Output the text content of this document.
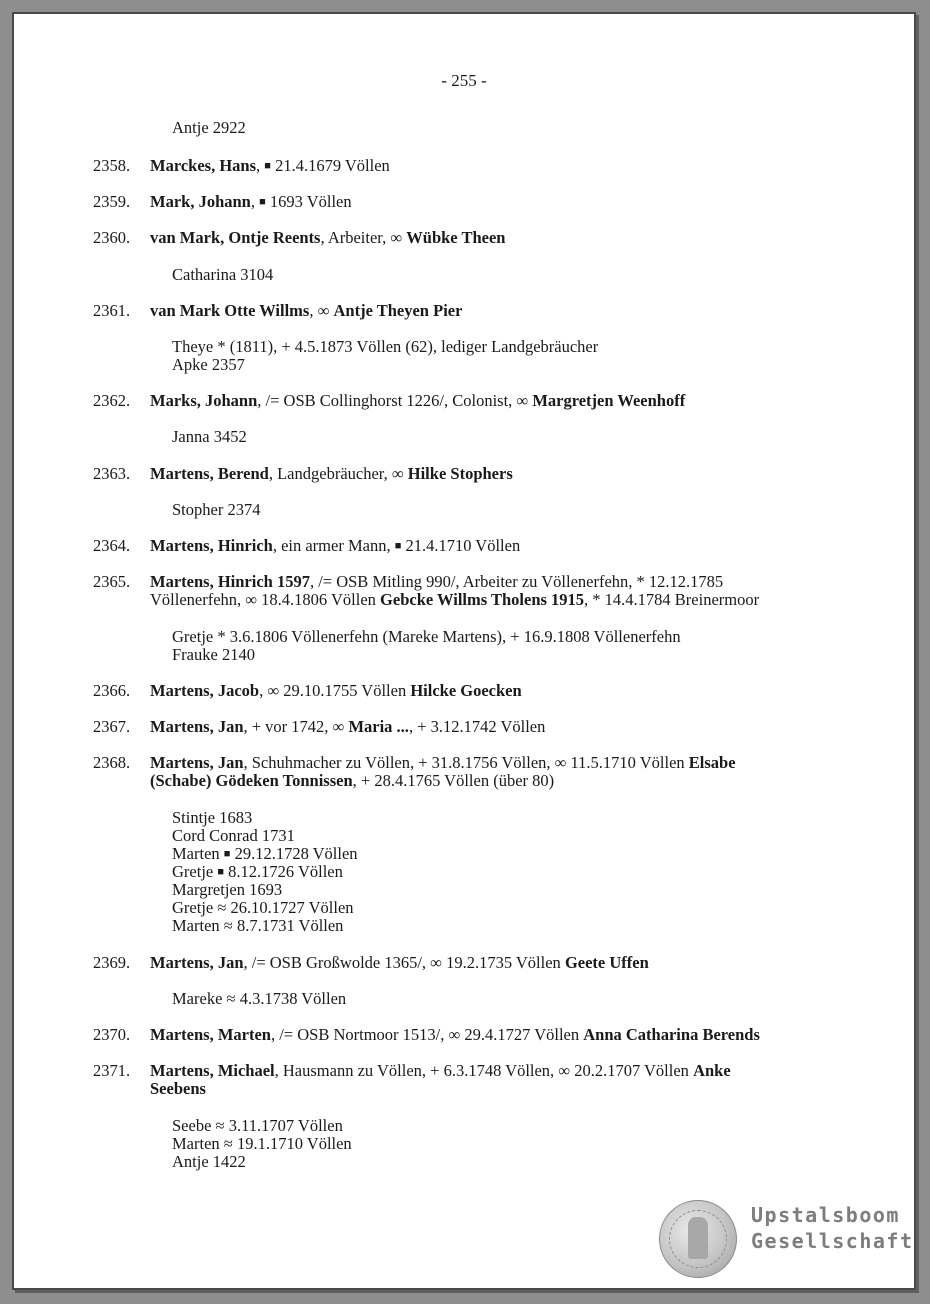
- 255 -
Antje 2922
2358. Marckes, Hans, ■ 21.4.1679 Völlen
2359. Mark, Johann, ■ 1693 Völlen
2360. van Mark, Ontje Reents, Arbeiter, ∞ Wübke Theen
Catharina 3104
2361. van Mark Otte Willms, ∞ Antje Theyen Pier
Theye * (1811), + 4.5.1873 Völlen (62), lediger Landgebräucher
Apke 2357
2362. Marks, Johann, /= OSB Collinghorst 1226/, Colonist, ∞ Margretjen Weenhoff
Janna 3452
2363. Martens, Berend, Landgebräucher, ∞ Hilke Stophers
Stopher 2374
2364. Martens, Hinrich, ein armer Mann, ■ 21.4.1710 Völlen
2365. Martens, Hinrich 1597, /= OSB Mitling 990/, Arbeiter zu Völlenerfehn, * 12.12.1785
Völlenerfehn, ∞ 18.4.1806 Völlen Gebcke Willms Tholens 1915, * 14.4.1784 Breinermoor
Gretje * 3.6.1806 Völlenerfehn (Mareke Martens), + 16.9.1808 Völlenerfehn
Frauke 2140
2366. Martens, Jacob, ∞ 29.10.1755 Völlen Hilcke Goecken
2367. Martens, Jan, + vor 1742, ∞ Maria ..., + 3.12.1742 Völlen
2368. Martens, Jan, Schuhmacher zu Völlen, + 31.8.1756 Völlen, ∞ 11.5.1710 Völlen Elsabe
(Schabe) Gödeken Tonnissen, + 28.4.1765 Völlen (über 80)
Stintje 1683
Cord Conrad 1731
Marten ■ 29.12.1728 Völlen
Gretje ■ 8.12.1726 Völlen
Margretjen 1693
Gretje ≈ 26.10.1727 Völlen
Marten ≈ 8.7.1731 Völlen
2369. Martens, Jan, /= OSB Großwolde 1365/, ∞ 19.2.1735 Völlen Geete Uffen
Mareke ≈ 4.3.1738 Völlen
2370. Martens, Marten, /= OSB Nortmoor 1513/, ∞ 29.4.1727 Völlen Anna Catharina Berends
2371. Martens, Michael, Hausmann zu Völlen, + 6.3.1748 Völlen, ∞ 20.2.1707 Völlen Anke
Seebens
Seebe ≈ 3.11.1707 Völlen
Marten ≈ 19.1.1710 Völlen
Antje 1422
Upstalsboom
Gesellschaft
